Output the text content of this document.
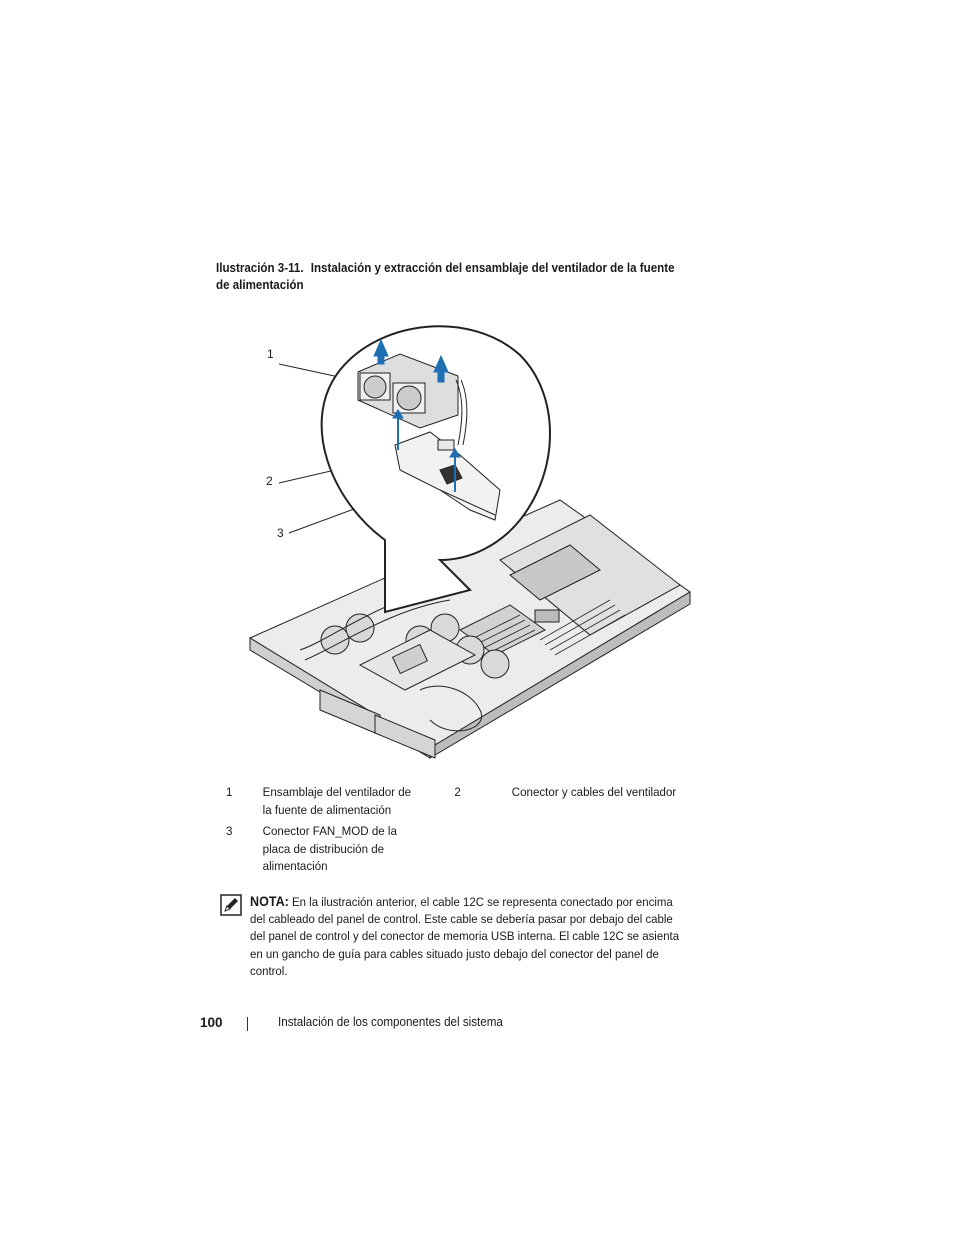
Ilustración 3-11. Instalación y extracción del ensamblaje del ventilador de la fuente
de alimentación
1
2
3
1 Ensamblaje del ventilador de
la fuente de alimentación
2	Conector y cables del ventilador
3 Conector FAN_MOD de la
placa de distribución de
alimentación
NOTA: En la ilustración anterior, el cable 12C se representa conectado por encima
del cableado del panel de control. Este cable se debería pasar por debajo del cable
del panel de control y del conector de memoria USB interna. El cable 12C se asienta
en un gancho de guía para cables situado justo debajo del conector del panel de
control.
100	Instalación de los componentes del sistema
